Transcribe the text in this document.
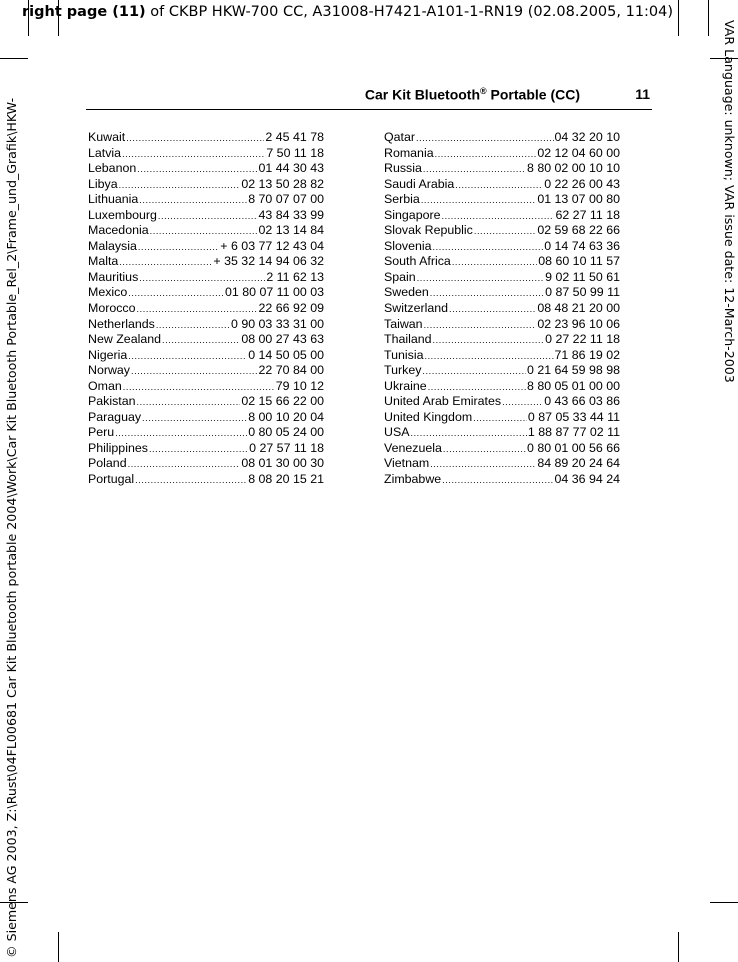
right page (11) of CKBP HKW-700 CC, A31008-H7421-A101-1-RN19 (02.08.2005, 11:04)
© Siemens AG 2003, Z:\Rust\04FL00681 Car Kit Bluetooth portable 2004\Work\Car Kit Bluetooth Portable_Rel_2\Frame_und_Grafik\HKW-	VAR Language: unknown; VAR issue date: 12-March-2003
Car Kit Bluetooth® Portable (CC)	11
Kuwait .....	2 45 41 78
Latvia .....	7 50 11 18
Lebanon .....	01 44 30 43
Libya .....	02 13 50 28 82
Lithuania .....	8 70 07 07 00
Luxembourg .....	43 84 33 99
Macedonia .....	02 13 14 84
Malaysia .....	+ 6 03 77 12 43 04
Malta .....	+ 35 32 14 94 06 32
Mauritius .....	2 11 62 13
Mexico .....	01 80 07 11 00 03
Morocco .....	22 66 92 09
Netherlands .....	0 90 03 33 31 00
New Zealand .....	08 00 27 43 63
Nigeria .....	0 14 50 05 00
Norway .....	22 70 84 00
Oman .....	79 10 12
Pakistan .....	02 15 66 22 00
Paraguay .....	8 00 10 20 04
Peru .....	0 80 05 24 00
Philippines .....	0 27 57 11 18
Poland .....	08 01 30 00 30
Portugal .....	8 08 20 15 21
Qatar .....	04 32 20 10
Romania .....	02 12 04 60 00
Russia .....	8 80 02 00 10 10
Saudi Arabia .....	0 22 26 00 43
Serbia .....	01 13 07 00 80
Singapore .....	62 27 11 18
Slovak Republic .....	02 59 68 22 66
Slovenia .....	0 14 74 63 36
South Africa .....	08 60 10 11 57
Spain .....	9 02 11 50 61
Sweden .....	0 87 50 99 11
Switzerland .....	08 48 21 20 00
Taiwan .....	02 23 96 10 06
Thailand .....	0 27 22 11 18
Tunisia .....	71 86 19 02
Turkey .....	0 21 64 59 98 98
Ukraine .....	8 80 05 01 00 00
United Arab Emirates .....	0 43 66 03 86
United Kingdom .....	0 87 05 33 44 11
USA .....	1 88 87 77 02 11
Venezuela .....	0 80 01 00 56 66
Vietnam .....	84 89 20 24 64
Zimbabwe .....	04 36 94 24
